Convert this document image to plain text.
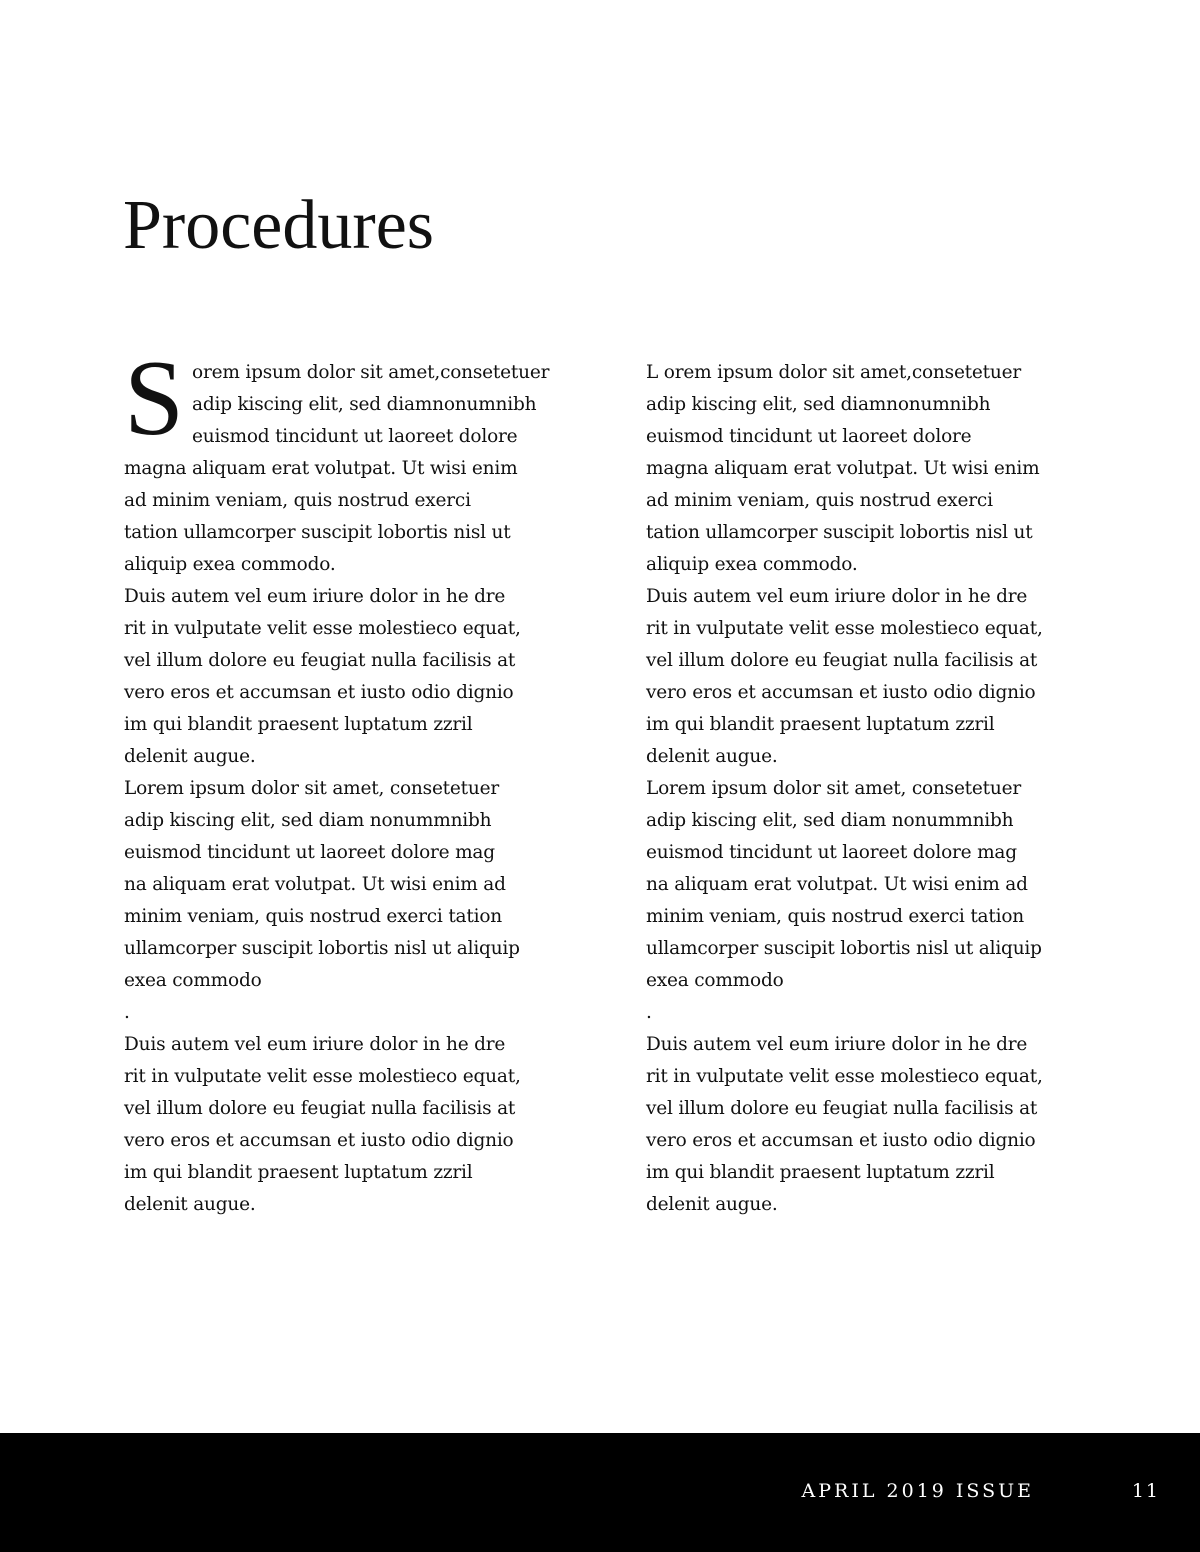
Procedures
S orem ipsum dolor sit amet,consetetuer
adip kiscing elit, sed diamnonumnibh
euismod tincidunt ut laoreet dolore
magna aliquam erat volutpat. Ut wisi enim
ad minim veniam, quis nostrud exerci
tation ullamcorper suscipit lobortis nisl ut
aliquip exea commodo.
Duis autem vel eum iriure dolor in he dre
rit in vulputate velit esse molestieco equat,
vel illum dolore eu feugiat nulla facilisis at
vero eros et accumsan et iusto odio dignio
im qui blandit praesent luptatum zzril
delenit augue.
Lorem ipsum dolor sit amet, consetetuer
adip kiscing elit, sed diam nonummnibh
euismod tincidunt ut laoreet dolore mag
na aliquam erat volutpat. Ut wisi enim ad
minim veniam, quis nostrud exerci tation
ullamcorper suscipit lobortis nisl ut aliquip
exea commodo
.
Duis autem vel eum iriure dolor in he dre
rit in vulputate velit esse molestieco equat,
vel illum dolore eu feugiat nulla facilisis at
vero eros et accumsan et iusto odio dignio
im qui blandit praesent luptatum zzril
delenit augue.
L orem ipsum dolor sit amet,consetetuer
adip kiscing elit, sed diamnonumnibh
euismod tincidunt ut laoreet dolore
magna aliquam erat volutpat. Ut wisi enim
ad minim veniam, quis nostrud exerci
tation ullamcorper suscipit lobortis nisl ut
aliquip exea commodo.
Duis autem vel eum iriure dolor in he dre
rit in vulputate velit esse molestieco equat,
vel illum dolore eu feugiat nulla facilisis at
vero eros et accumsan et iusto odio dignio
im qui blandit praesent luptatum zzril
delenit augue.
Lorem ipsum dolor sit amet, consetetuer
adip kiscing elit, sed diam nonummnibh
euismod tincidunt ut laoreet dolore mag
na aliquam erat volutpat. Ut wisi enim ad
minim veniam, quis nostrud exerci tation
ullamcorper suscipit lobortis nisl ut aliquip
exea commodo
.
Duis autem vel eum iriure dolor in he dre
rit in vulputate velit esse molestieco equat,
vel illum dolore eu feugiat nulla facilisis at
vero eros et accumsan et iusto odio dignio
im qui blandit praesent luptatum zzril
delenit augue.
APRIL 2019 ISSUE	11
